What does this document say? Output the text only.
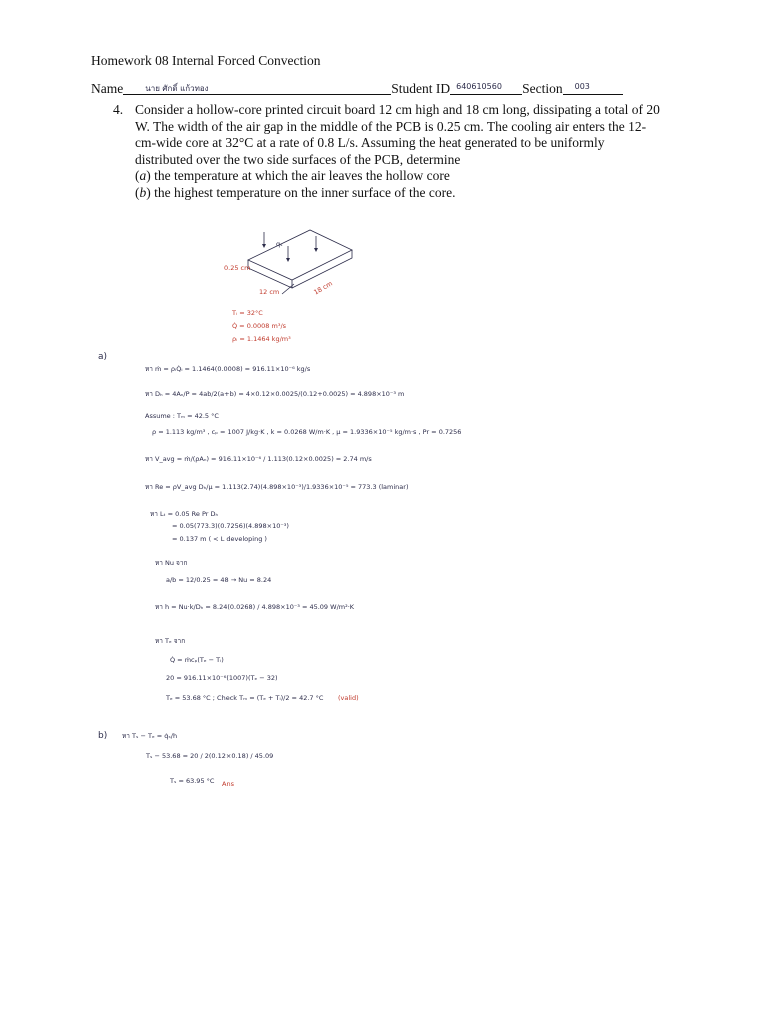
Homework 08 Internal Forced Convection
Name	นาย ศักดิ์ แก้วทอง	Student ID 640610560 Section 003
4. Consider a hollow-core printed circuit board 12 cm high and 18 cm long, dissipating a total of 20

W. The width of the air gap in the middle of the PCB is 0.25 cm. The cooling air enters the 12-

cm-wide core at 32°C at a rate of 0.8 L/s. Assuming the heat generated to be uniformly

distributed over the two side surfaces of the PCB, determine

(a) the temperature at which the air leaves the hollow core

(b) the highest temperature on the inner surface of the core.

0.25 cm
12 cm	18 cm
qₛ
Tᵢ = 32°C
Q̇ = 0.0008 m³/s
ρᵢ = 1.1464 kg/m³
a)
หา ṁ = ρᵢQ̇ᵢ = 1.1464(0.0008) = 916.11×10⁻⁶ kg/s
หา Dₕ = 4Aₙ/P = 4ab/2(a+b) = 4×0.12×0.0025/(0.12+0.0025) = 4.898×10⁻³ m
Assume : Tₘ = 42.5 °C
ρ = 1.113 kg/m³ , cₚ = 1007 J/kg·K , k = 0.0268 W/m·K , μ = 1.9336×10⁻⁵ kg/m·s , Pr = 0.7256
หา V_avg = ṁ/(ρAₙ) = 916.11×10⁻⁶ / 1.113(0.12×0.0025) = 2.74 m/s
หา Re = ρV_avg Dₕ/μ = 1.113(2.74)(4.898×10⁻³)/1.9336×10⁻⁵ = 773.3 (laminar)
หา Lₜ = 0.05 Re Pr Dₕ
= 0.05(773.3)(0.7256)(4.898×10⁻³)
= 0.137 m ( < L developing )
หา Nu จาก
a/b = 12/0.25 = 48 → Nu = 8.24
หา h = Nu·k/Dₕ = 8.24(0.0268) / 4.898×10⁻³ = 45.09 W/m²·K
หา Tₑ จาก
Q̇ = ṁcₚ(Tₑ − Tᵢ)
20 = 916.11×10⁻⁶(1007)(Tₑ − 32)
Tₑ = 53.68 °C ; Check Tₘ = (Tₑ + Tᵢ)/2 = 42.7 °C (valid)
b) หา Tₛ − Tₑ = q̇ₛ/h
Tₛ − 53.68 = 20 / 2(0.12×0.18) / 45.09
Tₛ = 63.95 °C Ans
